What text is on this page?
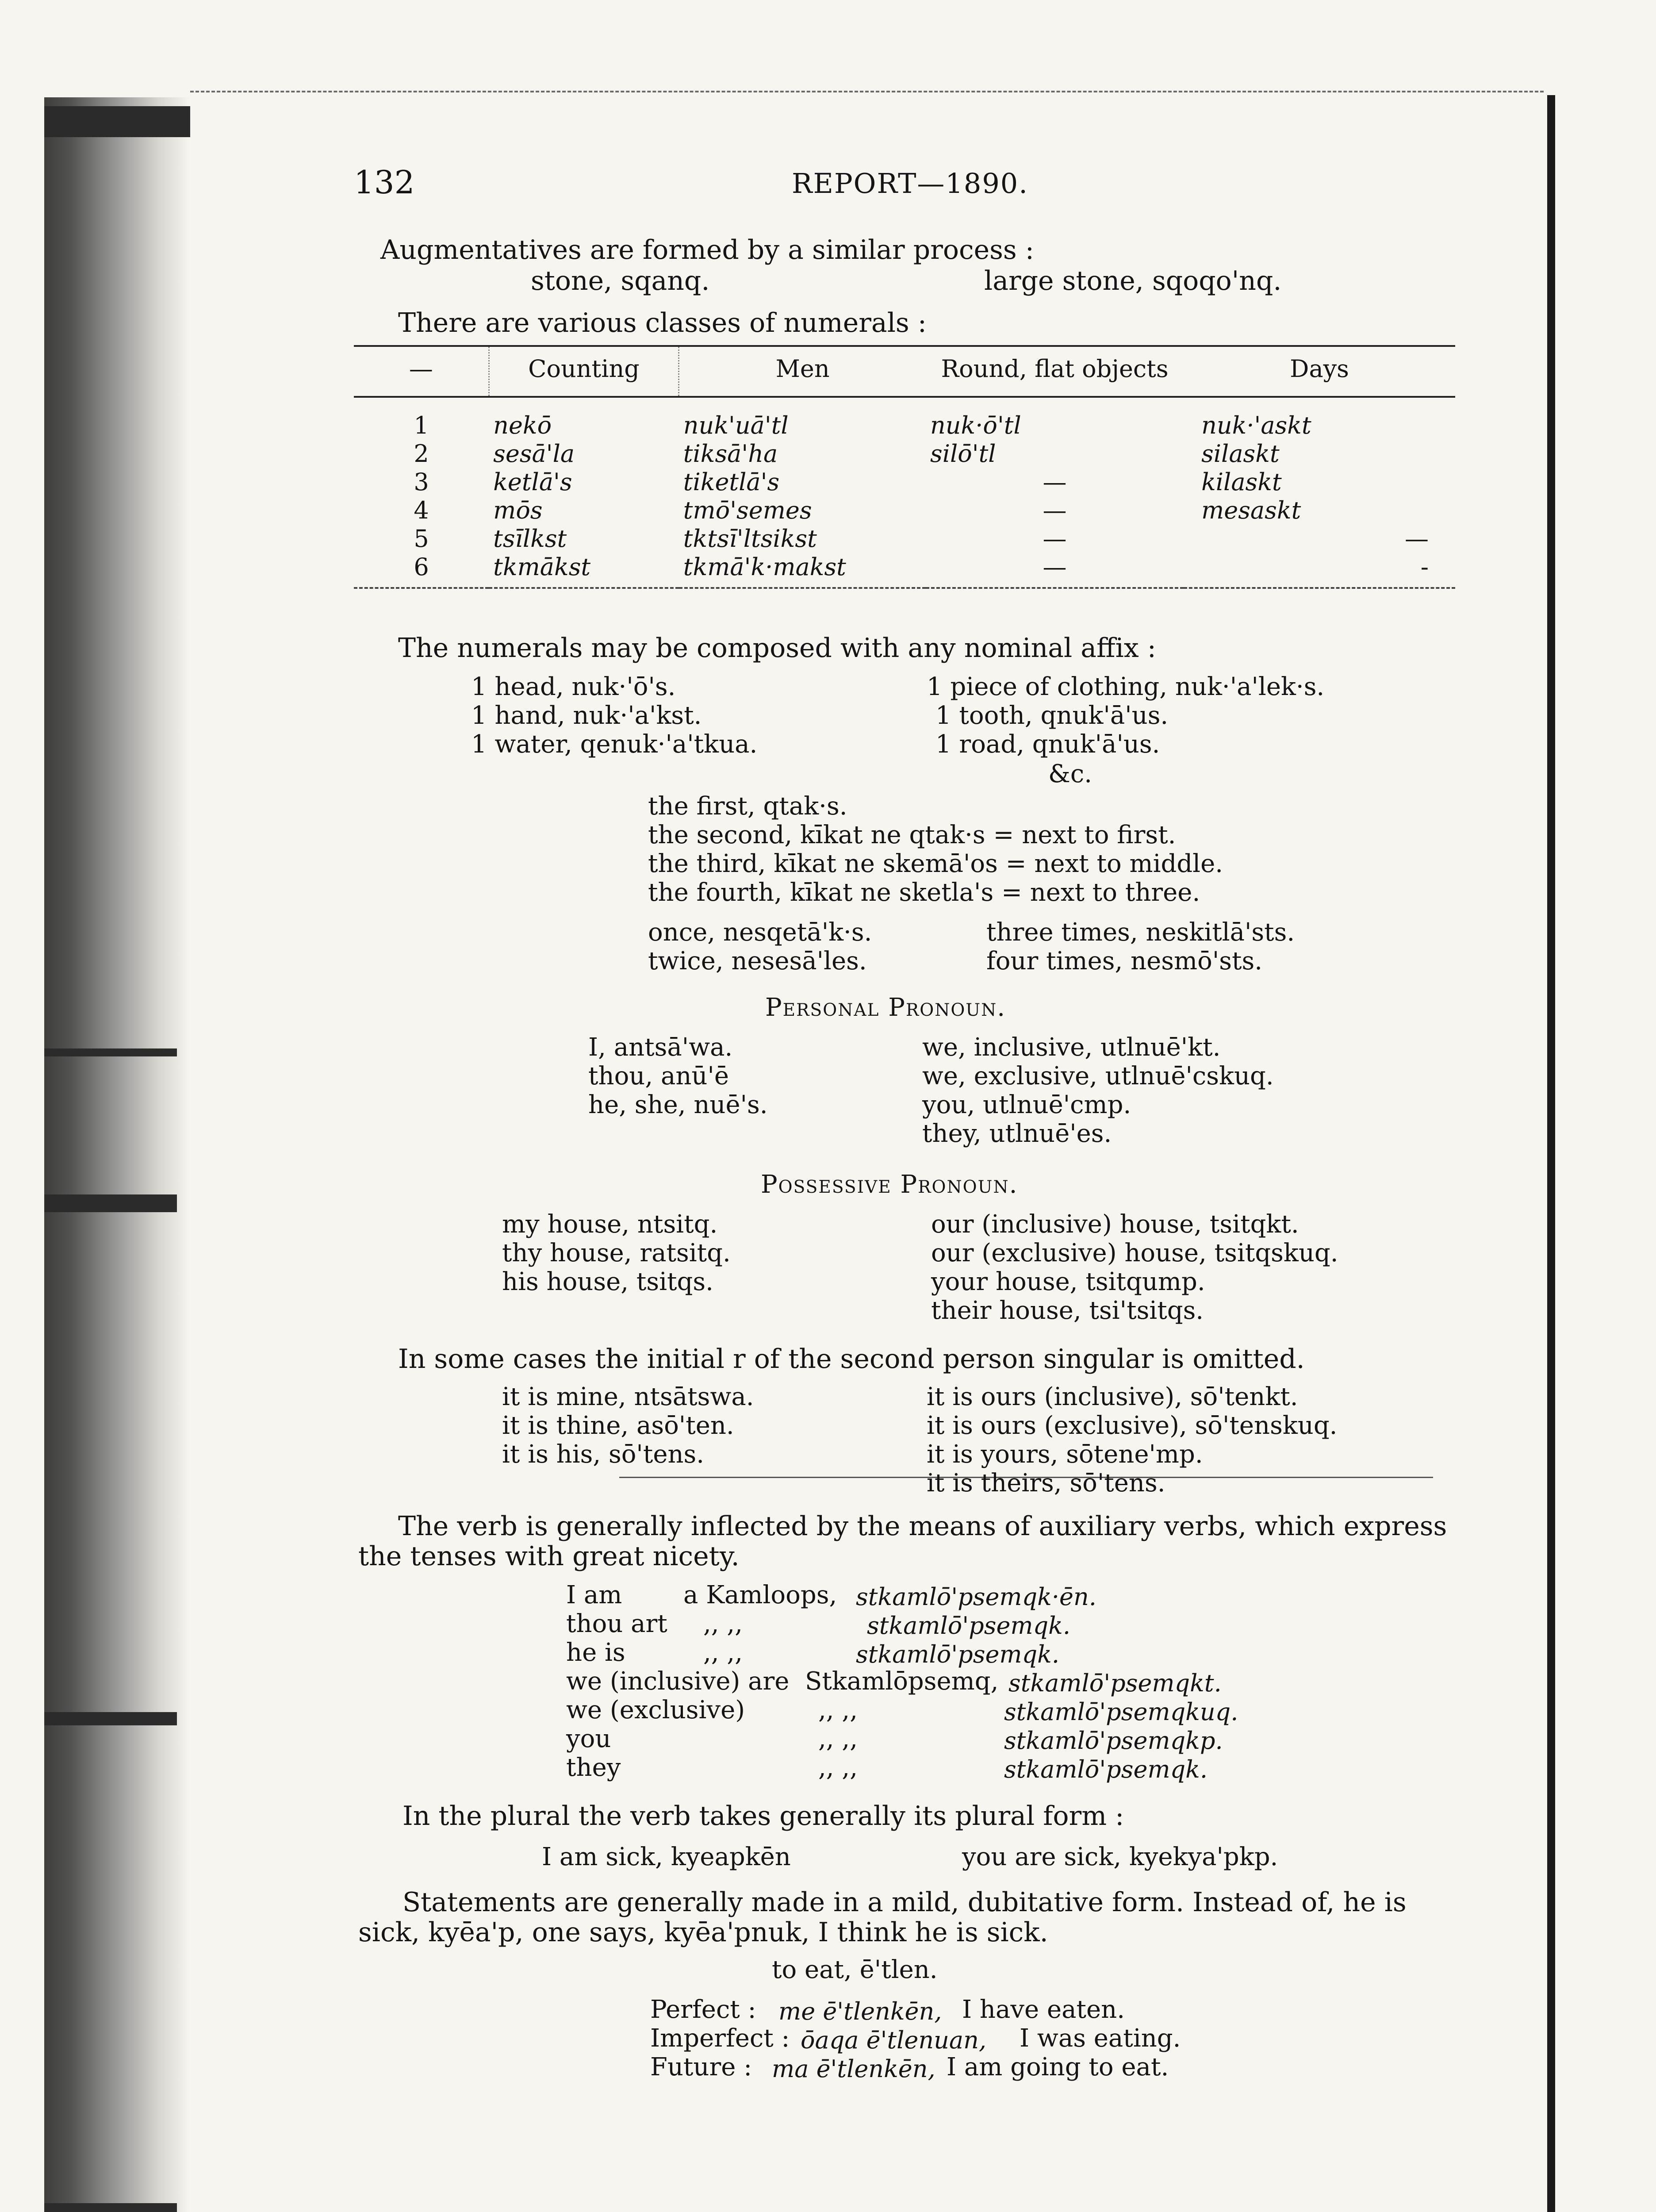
132	REPORT—1890.
Augmentatives are formed by a similar process :
stone, sqanq.	large stone, sqoqo'nq.
There are various classes of numerals :
—	Counting	Men	Round, flat objects	Days
1	nekō	nuk'uā'tl	nuk·ō'tl	nuk·'askt
2	sesā'la	tiksā'ha	silō'tl	silaskt
3	ketlā's	tiketlā's	—	kilaskt
4	mōs	tmō'semes	—	mesaskt
5	tsīlkst	tktsī'ltsikst	—	—
6	tkmākst	tkmā'k·makst	—	-
The numerals may be composed with any nominal affix :
1 head, nuk·'ō's.
1 hand, nuk·'a'kst.
1 water, qenuk·'a'tkua.
1 piece of clothing, nuk·'a'lek·s.
1 tooth, qnuk'ā'us.
1 road, qnuk'ā'us.
&c.
the first, qtak·s.
the second, kīkat ne qtak·s = next to first.
the third, kīkat ne skemā'os = next to middle.
the fourth, kīkat ne sketla's = next to three.
once, nesqetā'k·s.
twice, nesesā'les.
three times, neskitlā'sts.
four times, nesmō'sts.
Personal Pronoun.
I, antsā'wa.
thou, anū'ē
he, she, nuē's.
we, inclusive, utlnuē'kt.
we, exclusive, utlnuē'cskuq.
you, utlnuē'cmp.
they, utlnuē'es.
Possessive Pronoun.
my house, ntsitq.
thy house, ratsitq.
his house, tsitqs.
our (inclusive) house, tsitqkt.
our (exclusive) house, tsitqskuq.
your house, tsitqump.
their house, tsi'tsitqs.
In some cases the initial r of the second person singular is omitted.
it is mine, ntsātswa.
it is thine, asō'ten.
it is his, sō'tens.
it is ours (inclusive), sō'tenkt.
it is ours (exclusive), sō'tenskuq.
it is yours, sōtene'mp.
it is theirs, sō'tens.
The verb is generally inflected by the means of auxiliary verbs, which express
the tenses with great nicety.
I am a Kamloops, stkamlō'psemqk·ēn.
thou art ,, ,,	stkamlō'psemqk.
he is	,, ,,	stkamlō'psemqk.
we (inclusive) are Stkamlōpsemq, stkamlō'psemqkt.
we (exclusive)	,, ,,	stkamlō'psemqkuq.
you	,, ,,	stkamlō'psemqkp.
they	,, ,,	stkamlō'psemqk.
In the plural the verb takes generally its plural form :
I am sick, kyeapkēn	you are sick, kyekya'pkp.
Statements are generally made in a mild, dubitative form. Instead of, he is
sick, kyēa'p, one says, kyēa'pnuk, I think he is sick.
to eat, ē'tlen.
Perfect : me ē'tlenkēn, I have eaten.
Imperfect : ōaqa ē'tlenuan, I was eating.
Future : ma ē'tlenkēn, I am going to eat.
